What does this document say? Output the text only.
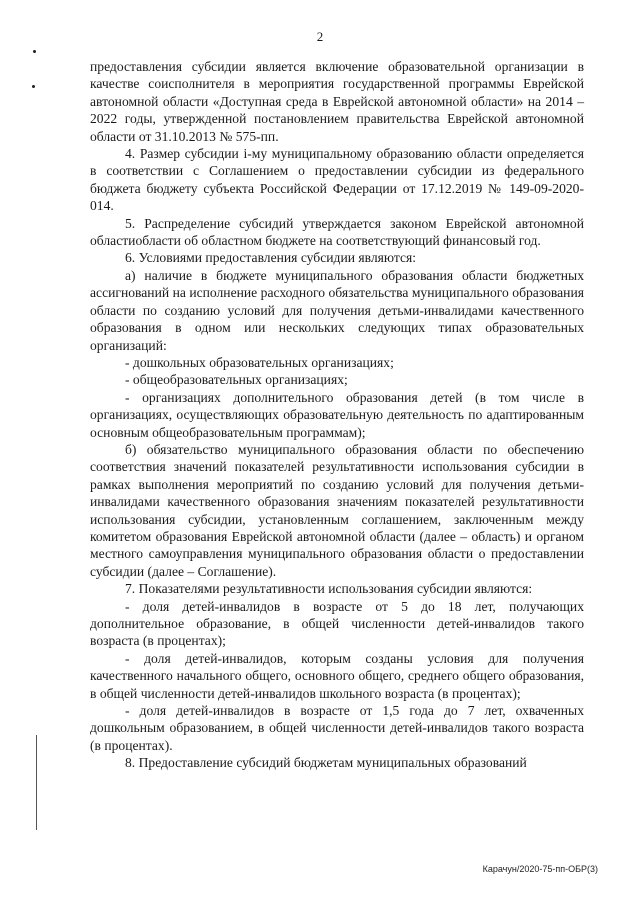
2

предоставления субсидии является включение образовательной организации в качестве соисполнителя в мероприятия государственной программы Еврейской автономной области «Доступная среда в Еврейской автономной области» на 2014 – 2022 годы, утвержденной постановлением правительства Еврейской автономной области от 31.10.2013 № 575-пп.

4. Размер субсидии i-му муниципальному образованию области определяется в соответствии с Соглашением о предоставлении субсидии из федерального бюджета бюджету субъекта Российской Федерации от 17.12.2019 № 149-09-2020-014.

5. Распределение субсидий утверждается законом Еврейской автономной областиобласти об областном бюджете на соответствующий финансовый год.

6. Условиями предоставления субсидии являются:

а) наличие в бюджете муниципального образования области бюджетных ассигнований на исполнение расходного обязательства муниципального образования области по созданию условий для получения детьми-инвалидами качественного образования в одном или нескольких следующих типах образовательных организаций:

- дошкольных образовательных организациях;

- общеобразовательных организациях;

- организациях дополнительного образования детей (в том числе в организациях, осуществляющих образовательную деятельность по адаптированным основным общеобразовательным программам);

б) обязательство муниципального образования области по обеспечению соответствия значений показателей результативности использования субсидии в рамках выполнения мероприятий по созданию условий для получения детьми-инвалидами качественного образования значениям показателей результативности использования субсидии, установленным соглашением, заключенным между комитетом образования Еврейской автономной области (далее – область) и органом местного самоуправления муниципального образования области о предоставлении субсидии (далее – Соглашение).

7. Показателями результативности использования субсидии являются:

- доля детей-инвалидов в возрасте от 5 до 18 лет, получающих дополнительное образование, в общей численности детей-инвалидов такого возраста (в процентах);

- доля детей-инвалидов, которым созданы условия для получения качественного начального общего, основного общего, среднего общего образования, в общей численности детей-инвалидов школьного возраста (в процентах);

- доля детей-инвалидов в возрасте от 1,5 года до 7 лет, охваченных дошкольным образованием, в общей численности детей-инвалидов такого возраста (в процентах).

8. Предоставление субсидий бюджетам муниципальных образований

Карачун/2020-75-пп-ОБР(3)
